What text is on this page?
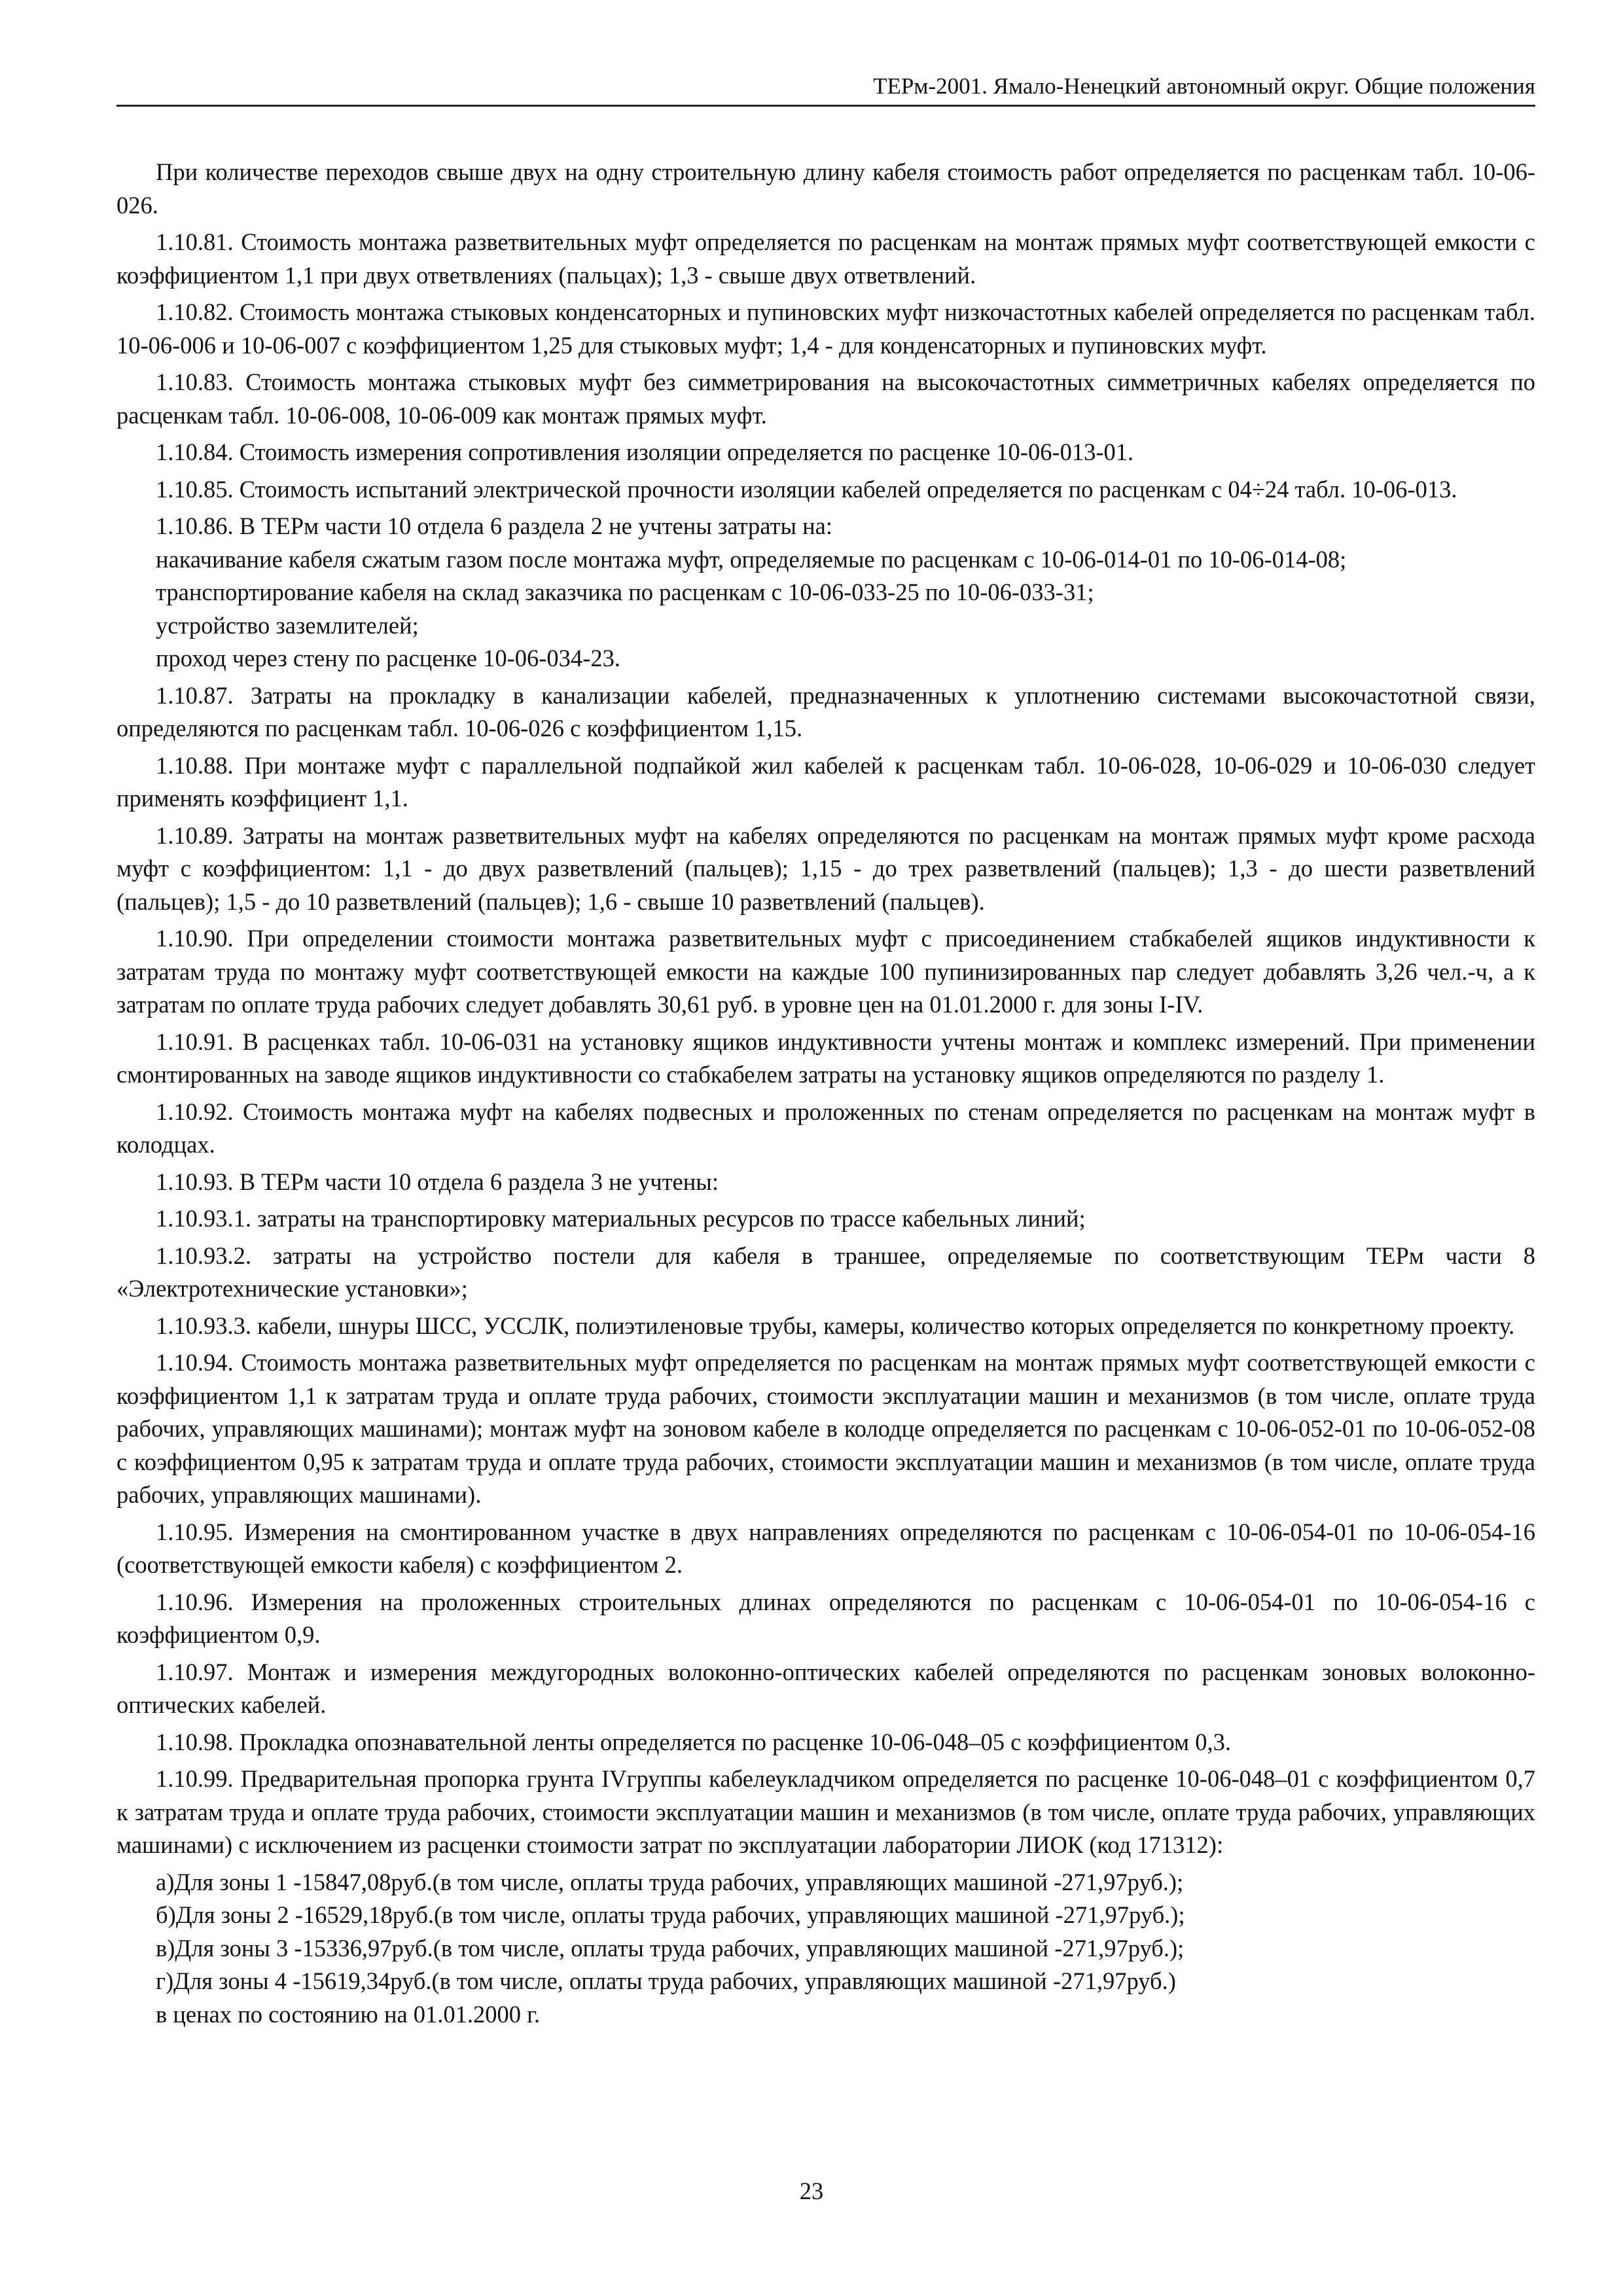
ТЕРм-2001. Ямало-Ненецкий автономный округ. Общие положения

При количестве переходов свыше двух на одну строительную длину кабеля стоимость работ определяется по расценкам табл. 10-06-026.

1.10.81. Стоимость монтажа разветвительных муфт определяется по расценкам на монтаж прямых муфт соответствующей емкости с коэффициентом 1,1 при двух ответвлениях (пальцах); 1,3 - свыше двух ответвлений.

1.10.82. Стоимость монтажа стыковых конденсаторных и пупиновских муфт низкочастотных кабелей определяется по расценкам табл. 10-06-006 и 10-06-007 с коэффициентом 1,25 для стыковых муфт; 1,4 - для конденсаторных и пупиновских муфт.

1.10.83. Стоимость монтажа стыковых муфт без симметрирования на высокочастотных симметричных кабелях определяется по расценкам табл. 10-06-008, 10-06-009 как монтаж прямых муфт.

1.10.84. Стоимость измерения сопротивления изоляции определяется по расценке 10-06-013-01.

1.10.85. Стоимость испытаний электрической прочности изоляции кабелей определяется по расценкам с 04÷24 табл. 10-06-013.

1.10.86. В ТЕРм части 10 отдела 6 раздела 2 не учтены затраты на:

накачивание кабеля сжатым газом после монтажа муфт, определяемые по расценкам с 10-06-014-01 по 10-06-014-08;

транспортирование кабеля на склад заказчика по расценкам с 10-06-033-25 по 10-06-033-31;

устройство заземлителей;

проход через стену по расценке 10-06-034-23.

1.10.87. Затраты на прокладку в канализации кабелей, предназначенных к уплотнению системами высокочастотной связи, определяются по расценкам табл. 10-06-026 с коэффициентом 1,15.

1.10.88. При монтаже муфт с параллельной подпайкой жил кабелей к расценкам табл. 10-06-028, 10-06-029 и 10-06-030 следует применять коэффициент 1,1.

1.10.89. Затраты на монтаж разветвительных муфт на кабелях определяются по расценкам на монтаж прямых муфт кроме расхода муфт с коэффициентом: 1,1 - до двух разветвлений (пальцев); 1,15 - до трех разветвлений (пальцев); 1,3 - до шести разветвлений (пальцев); 1,5 - до 10 разветвлений (пальцев); 1,6 - свыше 10 разветвлений (пальцев).

1.10.90. При определении стоимости монтажа разветвительных муфт с присоединением стабкабелей ящиков индуктивности к затратам труда по монтажу муфт соответствующей емкости на каждые 100 пупинизированных пар следует добавлять 3,26 чел.-ч, а к затратам по оплате труда рабочих следует добавлять 30,61 руб. в уровне цен на 01.01.2000 г. для зоны I-IV.

1.10.91. В расценках табл. 10-06-031 на установку ящиков индуктивности учтены монтаж и комплекс измерений. При применении смонтированных на заводе ящиков индуктивности со стабкабелем затраты на установку ящиков определяются по разделу 1.

1.10.92. Стоимость монтажа муфт на кабелях подвесных и проложенных по стенам определяется по расценкам на монтаж муфт в колодцах.

1.10.93. В ТЕРм части 10 отдела 6 раздела 3 не учтены:

1.10.93.1. затраты на транспортировку материальных ресурсов по трассе кабельных линий;

1.10.93.2. затраты на устройство постели для кабеля в траншее, определяемые по соответствующим ТЕРм части 8 «Электротехнические установки»;

1.10.93.3. кабели, шнуры ШСС, УССЛК, полиэтиленовые трубы, камеры, количество которых определяется по конкретному проекту.

1.10.94. Стоимость монтажа разветвительных муфт определяется по расценкам на монтаж прямых муфт соответствующей емкости с коэффициентом 1,1 к затратам труда и оплате труда рабочих, стоимости эксплуатации машин и механизмов (в том числе, оплате труда рабочих, управляющих машинами); монтаж муфт на зоновом кабеле в колодце определяется по расценкам с 10-06-052-01 по 10-06-052-08 с коэффициентом 0,95 к затратам труда и оплате труда рабочих, стоимости эксплуатации машин и механизмов (в том числе, оплате труда рабочих, управляющих машинами).

1.10.95. Измерения на смонтированном участке в двух направлениях определяются по расценкам с 10-06-054-01 по 10-06-054-16 (соответствующей емкости кабеля) с коэффициентом 2.

1.10.96. Измерения на проложенных строительных длинах определяются по расценкам с 10-06-054-01 по 10-06-054-16 с коэффициентом 0,9.

1.10.97. Монтаж и измерения междугородных волоконно-оптических кабелей определяются по расценкам зоновых волоконно-оптических кабелей.

1.10.98. Прокладка опознавательной ленты определяется по расценке 10-06-048–05 с коэффициентом 0,3.

1.10.99. Предварительная пропорка грунта IVгруппы кабелеукладчиком определяется по расценке 10-06-048–01 с коэффициентом 0,7 к затратам труда и оплате труда рабочих, стоимости эксплуатации машин и механизмов (в том числе, оплате труда рабочих, управляющих машинами) с исключением из расценки стоимости затрат по эксплуатации лаборатории ЛИОК (код 171312):

а)Для зоны 1 -15847,08руб.(в том числе, оплаты труда рабочих, управляющих машиной -271,97руб.);

б)Для зоны 2 -16529,18руб.(в том числе, оплаты труда рабочих, управляющих машиной -271,97руб.);

в)Для зоны 3 -15336,97руб.(в том числе, оплаты труда рабочих, управляющих машиной -271,97руб.);

г)Для зоны 4 -15619,34руб.(в том числе, оплаты труда рабочих, управляющих машиной -271,97руб.)

в ценах по состоянию на 01.01.2000 г.

23
